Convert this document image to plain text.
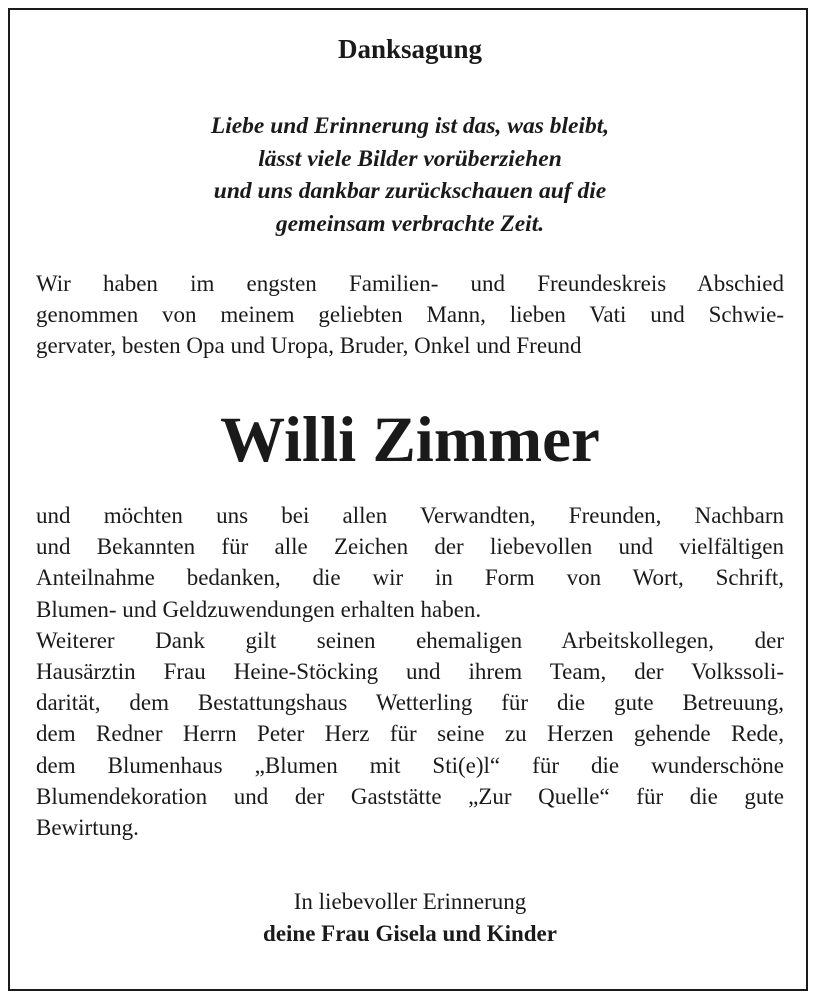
Danksagung
Liebe und Erinnerung ist das, was bleibt,
lässt viele Bilder vorüberziehen
und uns dankbar zurückschauen auf die
gemeinsam verbrachte Zeit.
Wir haben im engsten Familien- und Freundeskreis Abschied
genommen von meinem geliebten Mann, lieben Vati und Schwie-
gervater, besten Opa und Uropa, Bruder, Onkel und Freund
Willi Zimmer
und möchten uns bei allen Verwandten, Freunden, Nachbarn
und Bekannten für alle Zeichen der liebevollen und vielfältigen
Anteilnahme bedanken, die wir in Form von Wort, Schrift,
Blumen- und Geldzuwendungen erhalten haben.
Weiterer Dank gilt seinen ehemaligen Arbeitskollegen, der
Hausärztin Frau Heine-Stöcking und ihrem Team, der Volkssoli-
darität, dem Bestattungshaus Wetterling für die gute Betreuung,
dem Redner Herrn Peter Herz für seine zu Herzen gehende Rede,
dem Blumenhaus „Blumen mit Sti(e)l“ für die wunderschöne
Blumendekoration und der Gaststätte „Zur Quelle“ für die gute
Bewirtung.
In liebevoller Erinnerung
deine Frau Gisela und Kinder
